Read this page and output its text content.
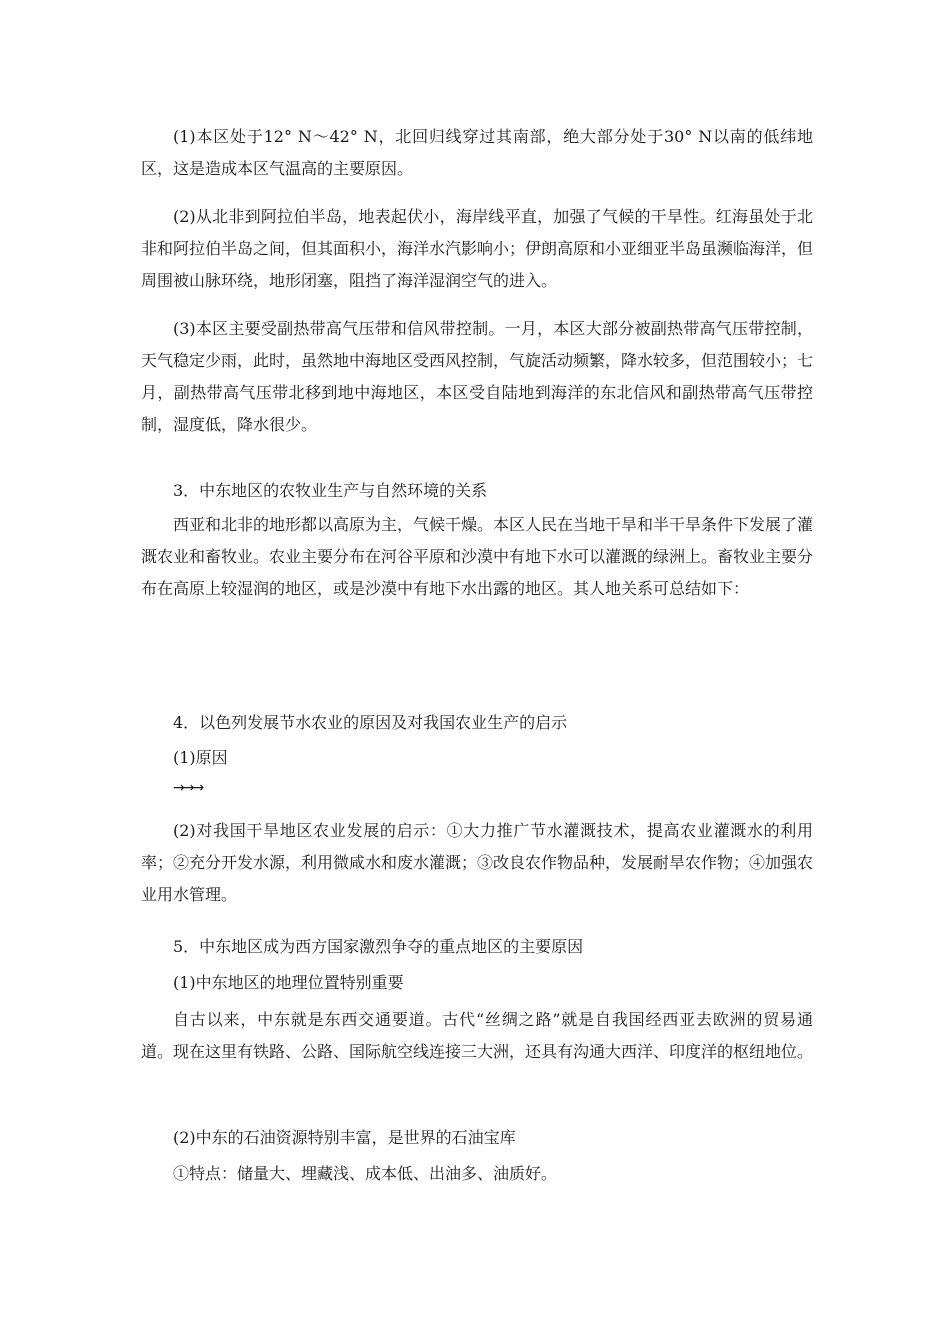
(1)本区处于12° N～42° N，北回归线穿过其南部，绝大部分处于30° N以南的低纬地区，这是造成本区气温高的主要原因。

(2)从北非到阿拉伯半岛，地表起伏小，海岸线平直，加强了气候的干旱性。红海虽处于北非和阿拉伯半岛之间，但其面积小，海洋水汽影响小；伊朗高原和小亚细亚半岛虽濒临海洋，但周围被山脉环绕，地形闭塞，阻挡了海洋湿润空气的进入。

(3)本区主要受副热带高气压带和信风带控制。一月，本区大部分被副热带高气压带控制，天气稳定少雨，此时，虽然地中海地区受西风控制，气旋活动频繁，降水较多，但范围较小；七月，副热带高气压带北移到地中海地区，本区受自陆地到海洋的东北信风和副热带高气压带控制，湿度低，降水很少。

3．中东地区的农牧业生产与自然环境的关系

西亚和北非的地形都以高原为主，气候干燥。本区人民在当地干旱和半干旱条件下发展了灌溉农业和畜牧业。农业主要分布在河谷平原和沙漠中有地下水可以灌溉的绿洲上。畜牧业主要分布在高原上较湿润的地区，或是沙漠中有地下水出露的地区。其人地关系可总结如下：

4．以色列发展节水农业的原因及对我国农业生产的启示

(1)原因

→→→

(2)对我国干旱地区农业发展的启示：①大力推广节水灌溉技术，提高农业灌溉水的利用率；②充分开发水源，利用微咸水和废水灌溉；③改良农作物品种，发展耐旱农作物；④加强农业用水管理。

5．中东地区成为西方国家激烈争夺的重点地区的主要原因

(1)中东地区的地理位置特别重要

自古以来，中东就是东西交通要道。古代“丝绸之路”就是自我国经西亚去欧洲的贸易通道。现在这里有铁路、公路、国际航空线连接三大洲，还具有沟通大西洋、印度洋的枢纽地位。

(2)中东的石油资源特别丰富，是世界的石油宝库

①特点：储量大、埋藏浅、成本低、出油多、油质好。
